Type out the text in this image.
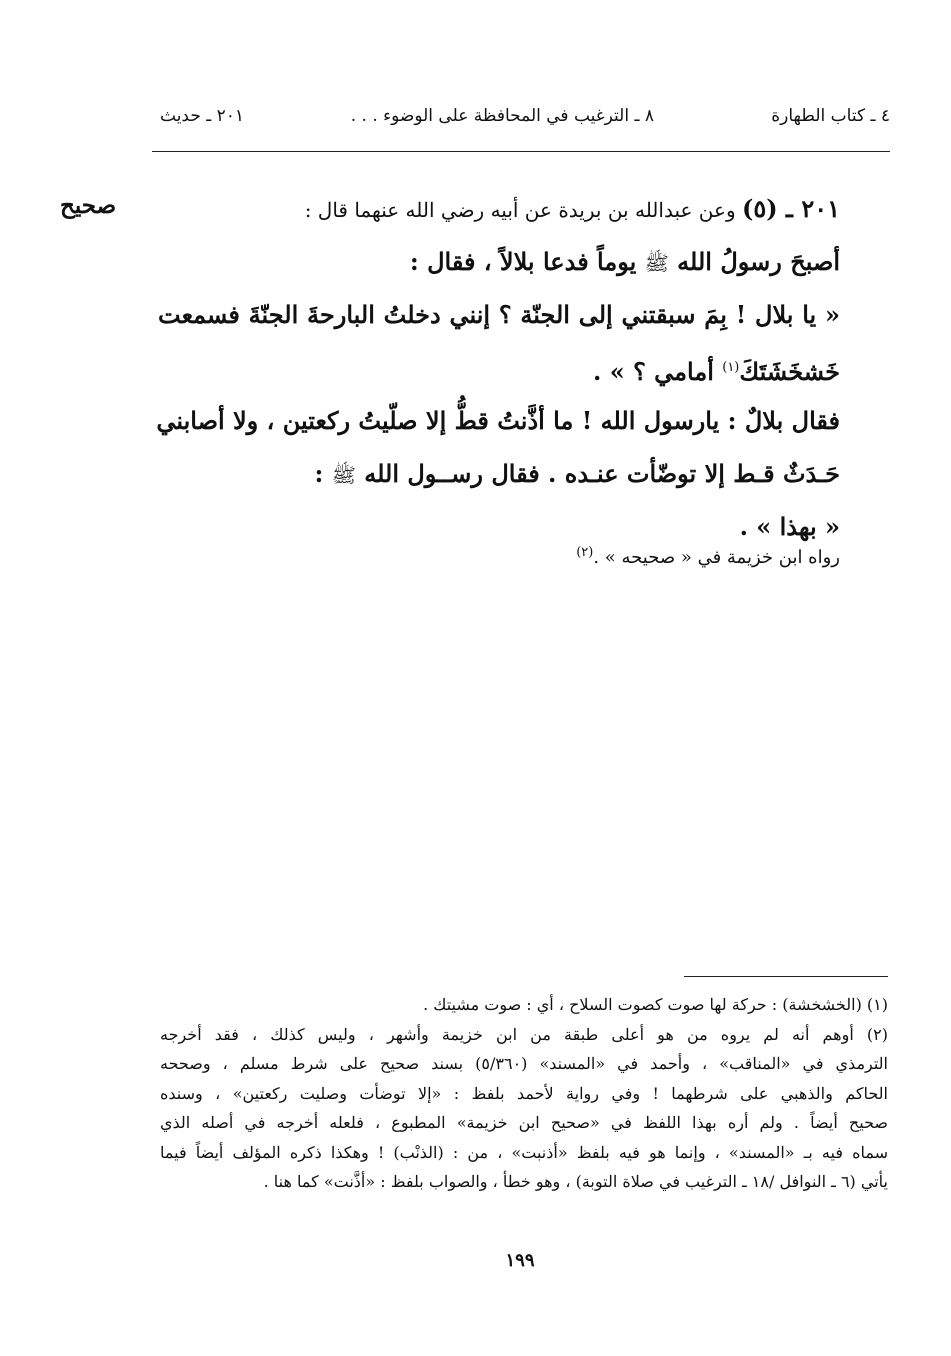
٤ ـ كتاب الطهارة
٨ ـ الترغيب في المحافظة على الوضوء . . .
٢٠١ ـ حديث
صحيح	٢٠١ ـ (٥) وعن عبدالله بن بريدة عن أبيه رضي الله عنهما قال :
أصبحَ رسولُ الله ﷺ يوماً فدعا بلالاً ، فقال :
« يا بلال ! بِمَ سبقتني إلى الجنّة ؟ إنني دخلتُ البارحةَ الجنّةَ فسمعت
خَشخَشَتَكَ$^{(١)}$ أمامي ؟ » .
فقال بلالٌ : يارسول الله ! ما أذَّنتُ قطُّ إلا صلّيتُ ركعتين ، ولا أصابني
حَـدَثٌ قـط إلا توضّأت عنـده . فقال رســول الله ﷺ :
« بهذا » .
رواه ابن خزيمة في « صحيحه » .$^{(٢)}$
(١) (الخشخشة) : حركة لها صوت كصوت السلاح ، أي : صوت مشيتك .
(٢) أوهم أنه لم يروه من هو أعلى طبقة من ابن خزيمة وأشهر ، وليس كذلك ، فقد أخرجه
الترمذي في «المناقب» ، وأحمد في «المسند» (٥/٣٦٠) بسند صحيح على شرط مسلم ، وصححه
الحاكم والذهبي على شرطهما ! وفي رواية لأحمد بلفظ : «إلا توضأت وصليت ركعتين» ، وسنده
صحيح أيضاً . ولم أره بهذا اللفظ في «صحيح ابن خزيمة» المطبوع ، فلعله أخرجه في أصله الذي
سماه فيه بـ «المسند» ، وإنما هو فيه بلفظ «أذنبت» ، من : (الذنْب) ! وهكذا ذكره المؤلف أيضاً فيما
يأتي (٦ ـ النوافل /١٨ ـ الترغيب في صلاة التوبة) ، وهو خطأ ، والصواب بلفظ : «أذَّنت» كما هنا .
١٩٩
